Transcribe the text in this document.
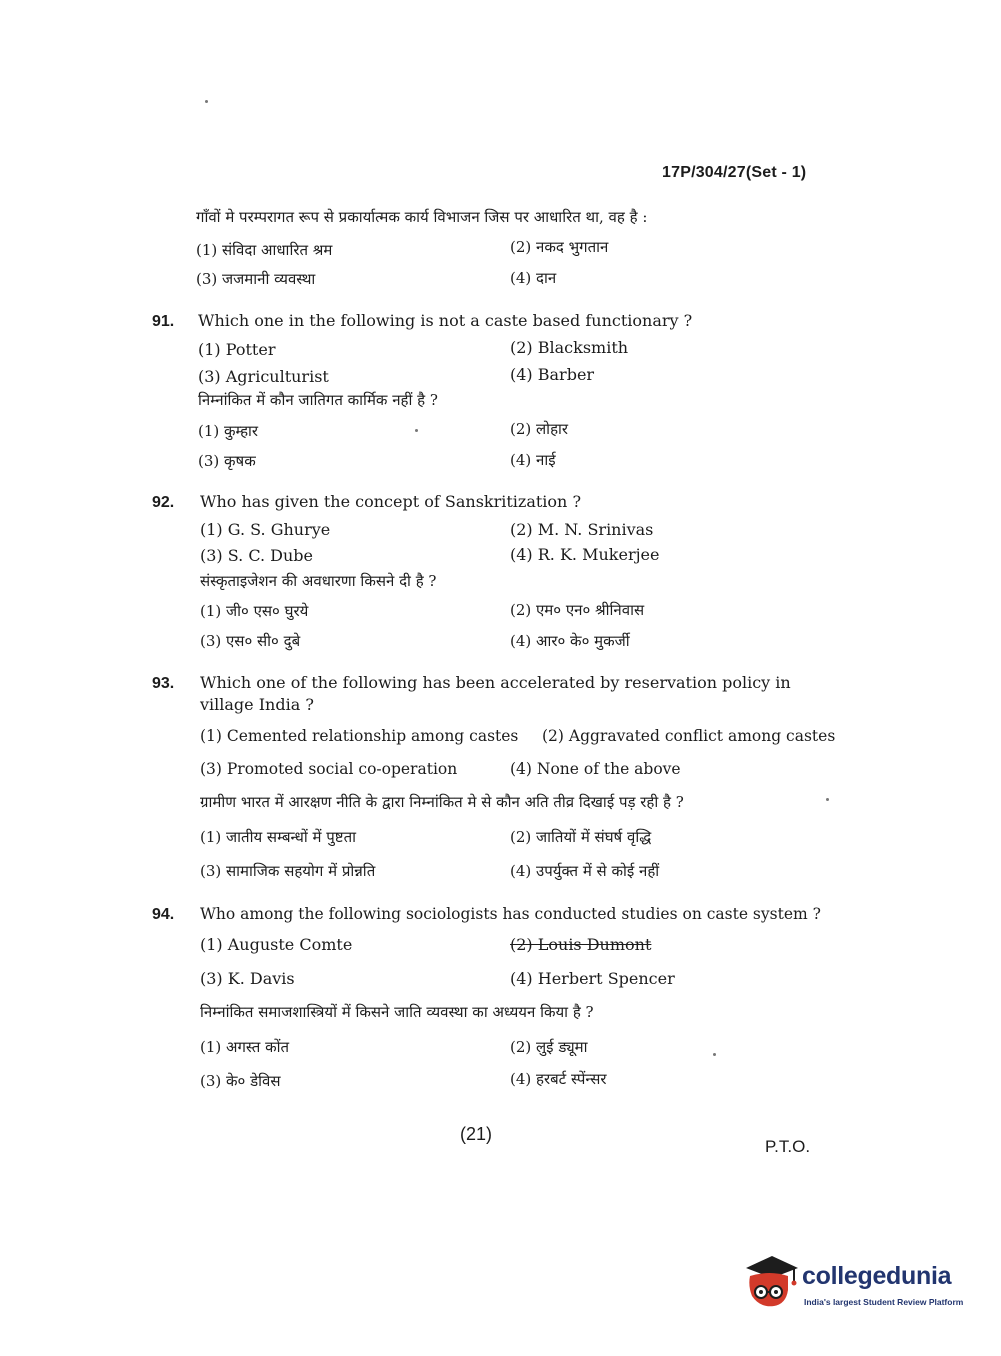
17P/304/27(Set - 1)
गाँवों मे परम्परागत रूप से प्रकार्यात्मक कार्य विभाजन जिस पर आधारित था, वह है :
(1) संविदा आधारित श्रम	(2) नकद भुगतान
(3) जजमानी व्यवस्था	(4) दान
91. Which one in the following is not a caste based functionary ?
(1) Potter	(2) Blacksmith
(3) Agriculturist	(4) Barber
निम्नांकित में कौन जातिगत कार्मिक नहीं है ?
(1) कुम्हार	(2) लोहार
(3) कृषक	(4) नाई
92. Who has given the concept of Sanskritization ?
(1) G. S. Ghurye	(2) M. N. Srinivas
(3) S. C. Dube	(4) R. K. Mukerjee
संस्कृताइजेशन की अवधारणा किसने दी है ?
(1) जी० एस० घुरये	(2) एम० एन० श्रीनिवास
(3) एस० सी० दुबे	(4) आर० के० मुकर्जी
93. Which one of the following has been accelerated by reservation policy in village India ?
(1) Cemented relationship among castes (2) Aggravated conflict among castes
(3) Promoted social co-operation	(4) None of the above
ग्रामीण भारत में आरक्षण नीति के द्वारा निम्नांकित मे से कौन अति तीव्र दिखाई पड़ रही है ?
(1) जातीय सम्बन्धों में पुष्टता	(2) जातियों में संघर्ष वृद्धि
(3) सामाजिक सहयोग में प्रोन्नति	(4) उपर्युक्त में से कोई नहीं
94. Who among the following sociologists has conducted studies on caste system ?
(1) Auguste Comte	(2) Louis Dumont
(3) K. Davis	(4) Herbert Spencer
निम्नांकित समाजशास्त्रियों में किसने जाति व्यवस्था का अध्ययन किया है ?
(1) अगस्त कोंत	(2) लुई ड्यूमा
(3) के० डेविस	(4) हरबर्ट स्पेंन्सर
(21)
P.T.O.
collegedunia
India's largest Student Review Platform
